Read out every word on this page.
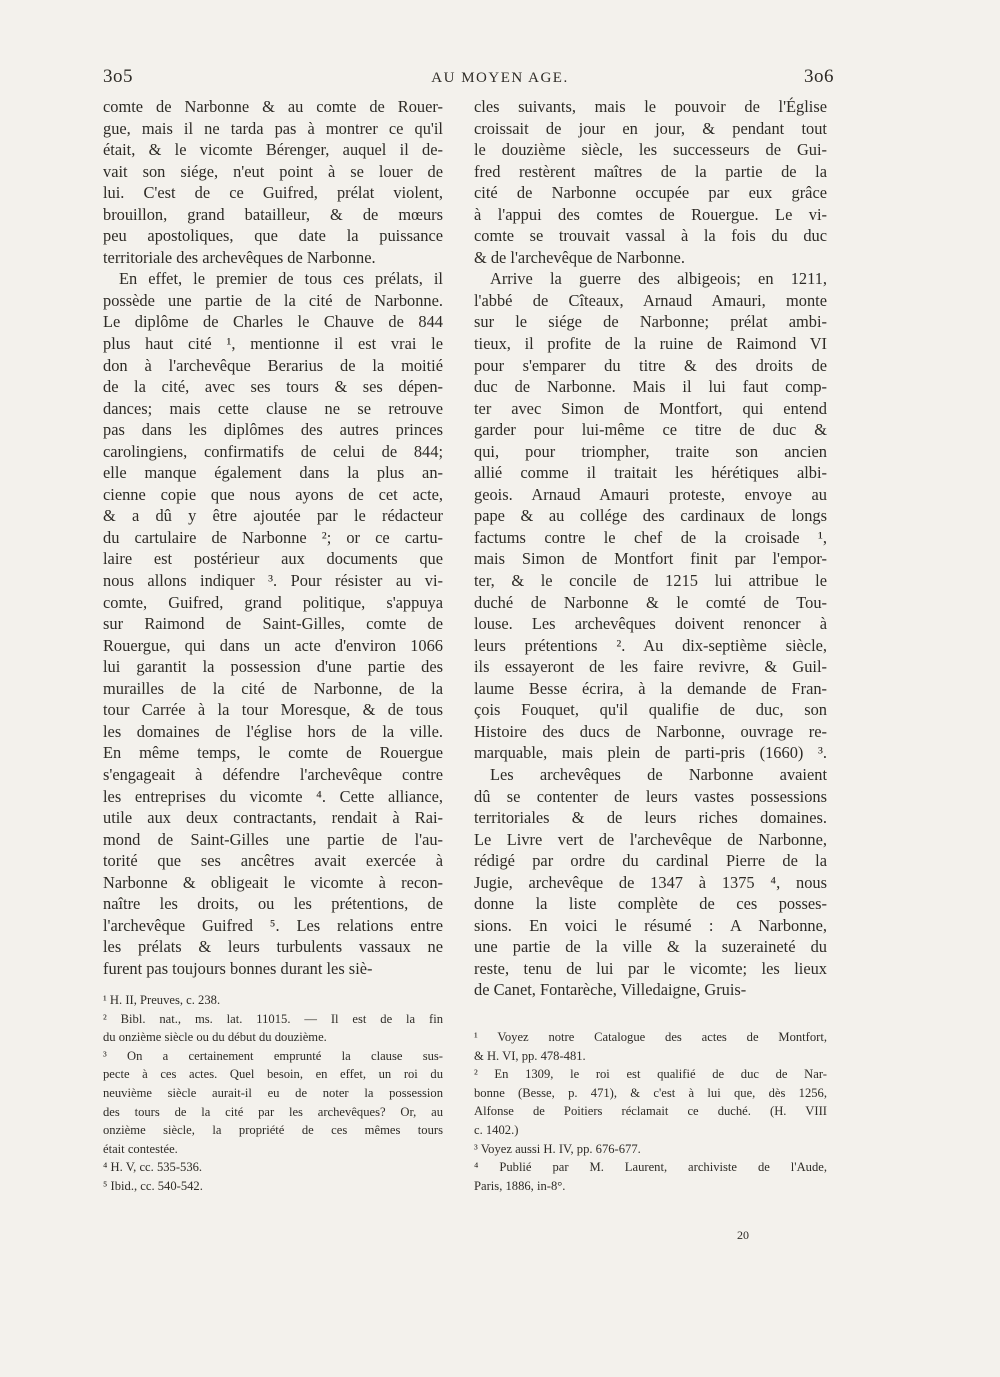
3o5	AU MOYEN AGE.	3o6
comte de Narbonne & au comte de Rouer-
gue, mais il ne tarda pas à montrer ce qu'il
était, & le vicomte Bérenger, auquel il de-
vait son siége, n'eut point à se louer de
lui. C'est de ce Guifred, prélat violent,
brouillon, grand batailleur, & de mœurs
peu apostoliques, que date la puissance
territoriale des archevêques de Narbonne.
En effet, le premier de tous ces prélats, il
possède une partie de la cité de Narbonne.
Le diplôme de Charles le Chauve de 844
plus haut cité ¹, mentionne il est vrai le
don à l'archevêque Berarius de la moitié
de la cité, avec ses tours & ses dépen-
dances; mais cette clause ne se retrouve
pas dans les diplômes des autres princes
carolingiens, confirmatifs de celui de 844;
elle manque également dans la plus an-
cienne copie que nous ayons de cet acte,
& a dû y être ajoutée par le rédacteur
du cartulaire de Narbonne ²; or ce cartu-
laire est postérieur aux documents que
nous allons indiquer ³. Pour résister au vi-
comte, Guifred, grand politique, s'appuya
sur Raimond de Saint-Gilles, comte de
Rouergue, qui dans un acte d'environ 1066
lui garantit la possession d'une partie des
murailles de la cité de Narbonne, de la
tour Carrée à la tour Moresque, & de tous
les domaines de l'église hors de la ville.
En même temps, le comte de Rouergue
s'engageait à défendre l'archevêque contre
les entreprises du vicomte ⁴. Cette alliance,
utile aux deux contractants, rendait à Rai-
mond de Saint-Gilles une partie de l'au-
torité que ses ancêtres avait exercée à
Narbonne & obligeait le vicomte à recon-
naître les droits, ou les prétentions, de
l'archevêque Guifred ⁵. Les relations entre
les prélats & leurs turbulents vassaux ne
furent pas toujours bonnes durant les siè-
cles suivants, mais le pouvoir de l'Église
croissait de jour en jour, & pendant tout
le douzième siècle, les successeurs de Gui-
fred restèrent maîtres de la partie de la
cité de Narbonne occupée par eux grâce
à l'appui des comtes de Rouergue. Le vi-
comte se trouvait vassal à la fois du duc
& de l'archevêque de Narbonne.
Arrive la guerre des albigeois; en 1211,
l'abbé de Cîteaux, Arnaud Amauri, monte
sur le siége de Narbonne; prélat ambi-
tieux, il profite de la ruine de Raimond VI
pour s'emparer du titre & des droits de
duc de Narbonne. Mais il lui faut comp-
ter avec Simon de Montfort, qui entend
garder pour lui-même ce titre de duc &
qui, pour triompher, traite son ancien
allié comme il traitait les hérétiques albi-
geois. Arnaud Amauri proteste, envoye au
pape & au collége des cardinaux de longs
factums contre le chef de la croisade ¹,
mais Simon de Montfort finit par l'empor-
ter, & le concile de 1215 lui attribue le
duché de Narbonne & le comté de Tou-
louse. Les archevêques doivent renoncer à
leurs prétentions ². Au dix-septième siècle,
ils essayeront de les faire revivre, & Guil-
laume Besse écrira, à la demande de Fran-
çois Fouquet, qu'il qualifie de duc, son
Histoire des ducs de Narbonne, ouvrage re-
marquable, mais plein de parti-pris (1660) ³.
Les archevêques de Narbonne avaient
dû se contenter de leurs vastes possessions
territoriales & de leurs riches domaines.
Le Livre vert de l'archevêque de Narbonne,
rédigé par ordre du cardinal Pierre de la
Jugie, archevêque de 1347 à 1375 ⁴, nous
donne la liste complète de ces posses-
sions. En voici le résumé : A Narbonne,
une partie de la ville & la suzeraineté du
reste, tenu de lui par le vicomte; les lieux
de Canet, Fontarèche, Villedaigne, Gruis-
¹ H. II, Preuves, c. 238.
² Bibl. nat., ms. lat. 11015. — Il est de la fin
du onzième siècle ou du début du douzième.
³ On a certainement emprunté la clause sus-
pecte à ces actes. Quel besoin, en effet, un roi du
neuvième siècle aurait-il eu de noter la possession
des tours de la cité par les archevêques? Or, au
onzième siècle, la propriété de ces mêmes tours
était contestée.
⁴ H. V, cc. 535-536.
⁵ Ibid., cc. 540-542.
¹ Voyez notre Catalogue des actes de Montfort,
& H. VI, pp. 478-481.
² En 1309, le roi est qualifié de duc de Nar-
bonne (Besse, p. 471), & c'est à lui que, dès 1256,
Alfonse de Poitiers réclamait ce duché. (H. VIII
c. 1402.)
³ Voyez aussi H. IV, pp. 676-677.
⁴ Publié par M. Laurent, archiviste de l'Aude,
Paris, 1886, in-8°.
20
